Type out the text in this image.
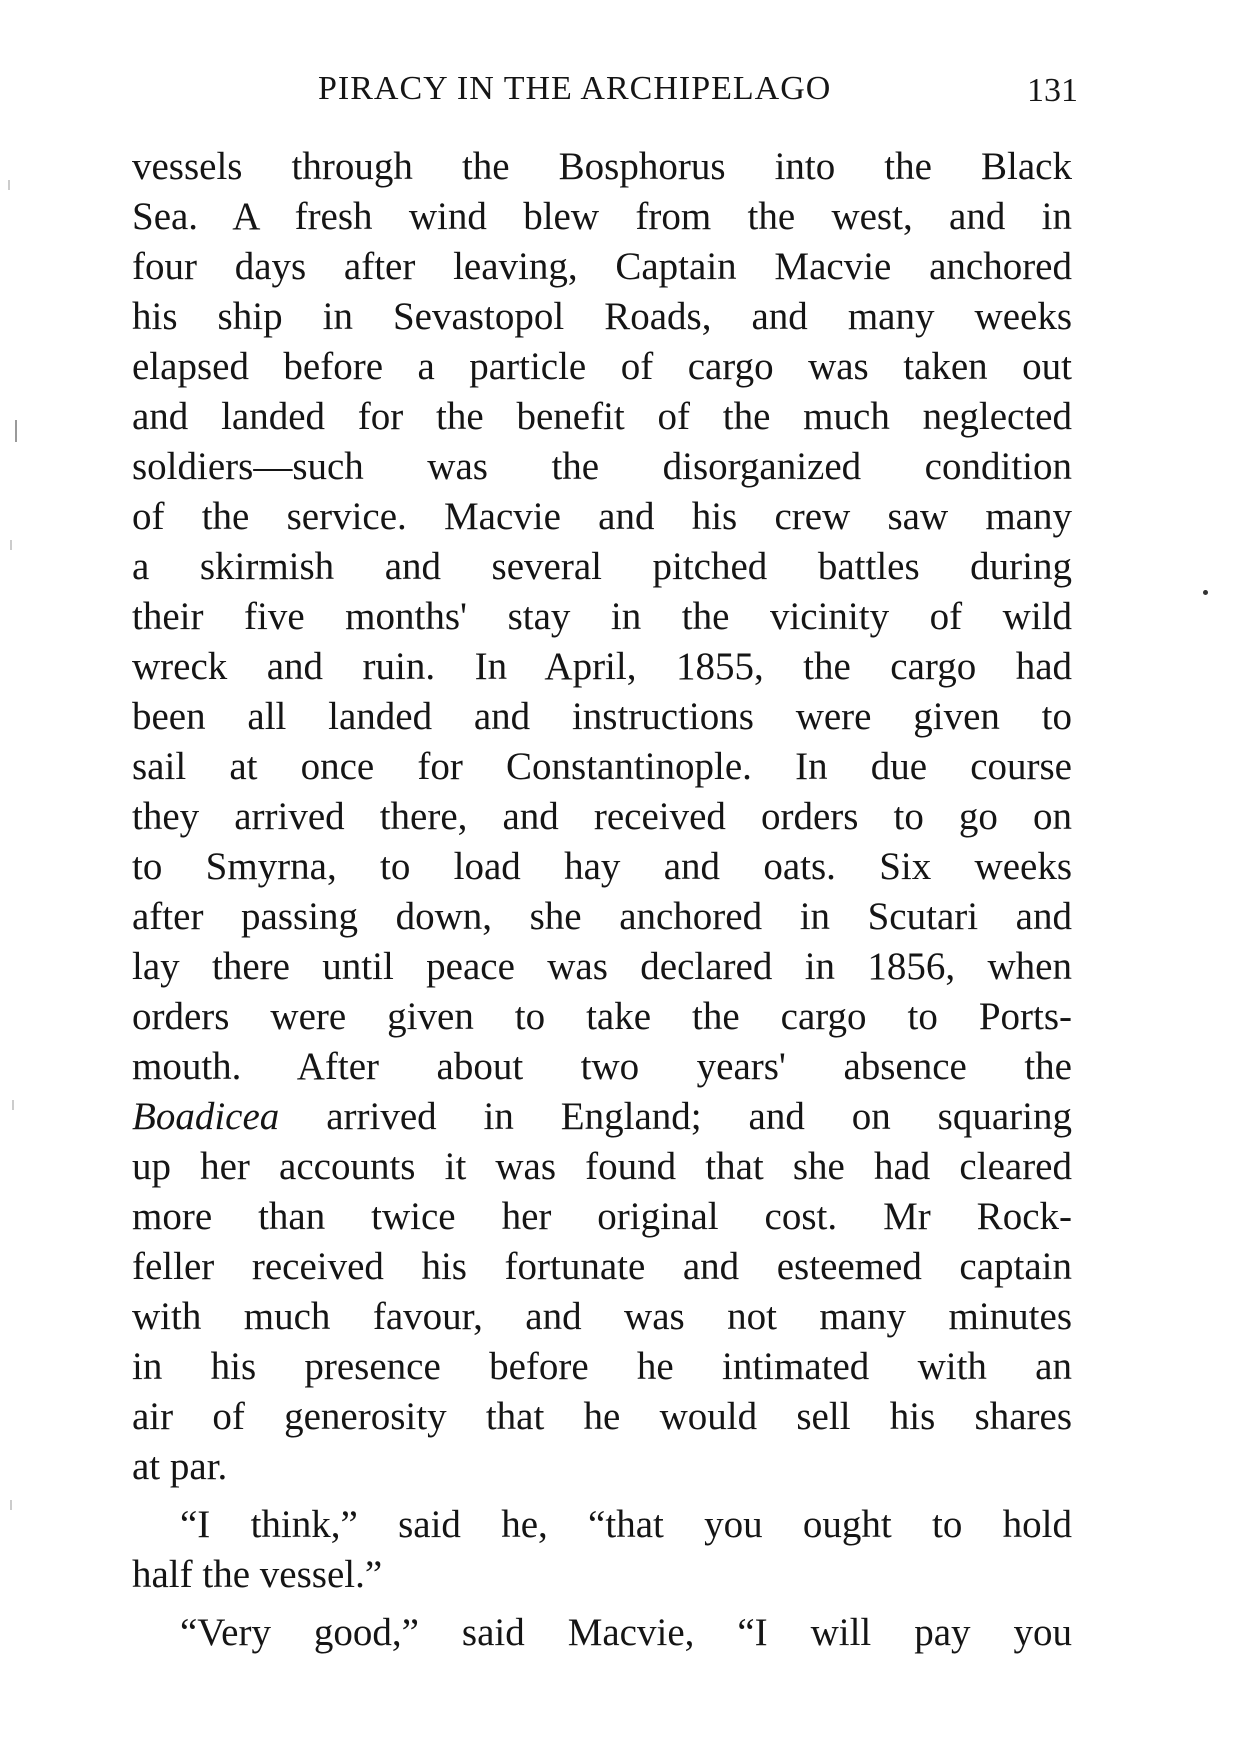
PIRACY IN THE ARCHIPELAGO	131
vessels through the Bosphorus into the Black
Sea. A fresh wind blew from the west, and in
four days after leaving, Captain Macvie anchored
his ship in Sevastopol Roads, and many weeks
elapsed before a particle of cargo was taken out
and landed for the benefit of the much neglected
soldiers—such was the disorganized condition
of the service. Macvie and his crew saw many
a skirmish and several pitched battles during
their five months' stay in the vicinity of wild
wreck and ruin. In April, 1855, the cargo had
been all landed and instructions were given to
sail at once for Constantinople. In due course
they arrived there, and received orders to go on
to Smyrna, to load hay and oats. Six weeks
after passing down, she anchored in Scutari and
lay there until peace was declared in 1856, when
orders were given to take the cargo to Ports-
mouth. After about two years' absence the
Boadicea arrived in England; and on squaring
up her accounts it was found that she had cleared
more than twice her original cost. Mr Rock-
feller received his fortunate and esteemed captain
with much favour, and was not many minutes
in his presence before he intimated with an
air of generosity that he would sell his shares
at par.
“I think,” said he, “that you ought to hold
half the vessel.”
“Very good,” said Macvie, “I will pay you
